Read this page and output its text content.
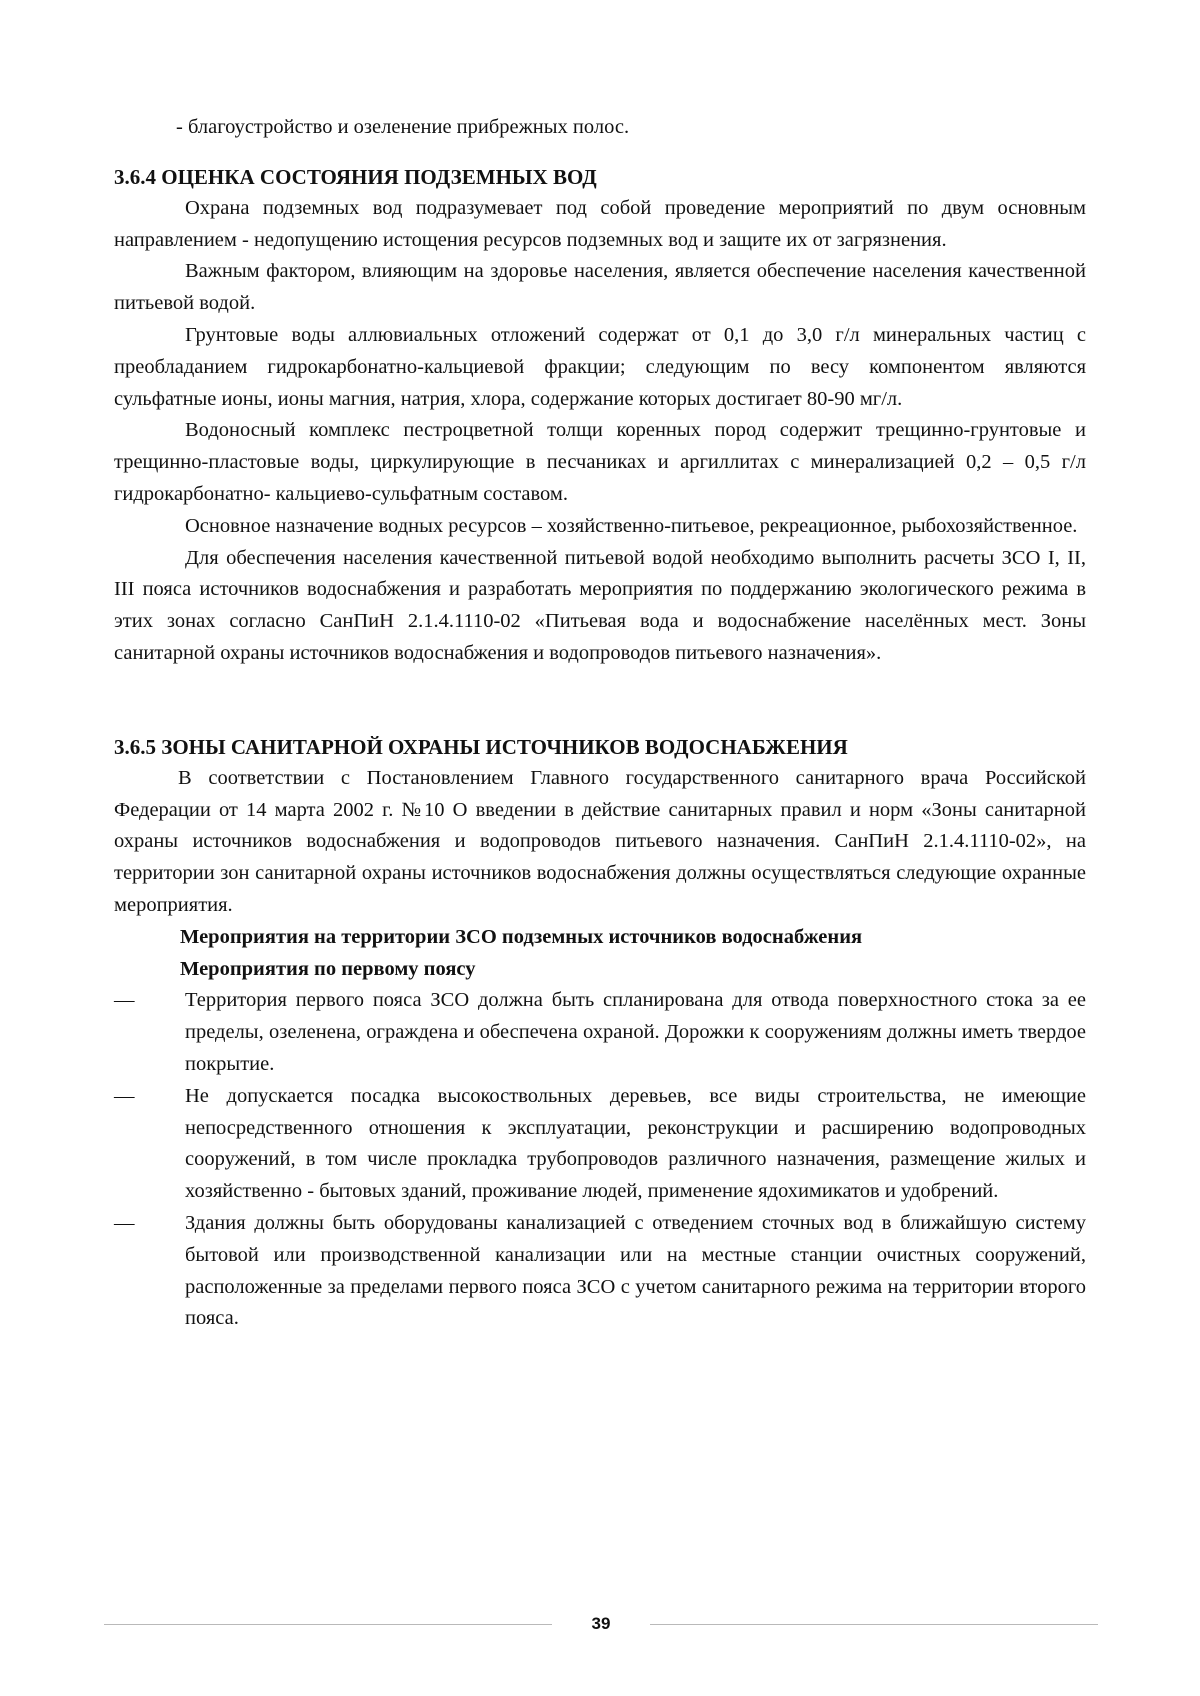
- благоустройство и озеленение прибрежных полос.

3.6.4 ОЦЕНКА СОСТОЯНИЯ ПОДЗЕМНЫХ ВОД

Охрана подземных вод подразумевает под собой проведение мероприятий по двум основным направлением - недопущению истощения ресурсов подземных вод и защите их от загрязнения.

Важным фактором, влияющим на здоровье населения, является обеспечение населения качественной питьевой водой.

Грунтовые воды аллювиальных отложений содержат от 0,1 до 3,0 г/л минеральных частиц с преобладанием гидрокарбонатно-кальциевой фракции; следующим по весу компонентом являются сульфатные ионы, ионы магния, натрия, хлора, содержание которых достигает 80-90 мг/л.

Водоносный комплекс пестроцветной толщи коренных пород содержит трещинно-грунтовые и трещинно-пластовые воды, циркулирующие в песчаниках и аргиллитах с минерализацией 0,2 – 0,5 г/л гидрокарбонатно- кальциево-сульфатным составом.

Основное назначение водных ресурсов – хозяйственно-питьевое, рекреационное, рыбохозяйственное.

Для обеспечения населения качественной питьевой водой необходимо выполнить расчеты ЗСО I, II, III пояса источников водоснабжения и разработать мероприятия по поддержанию экологического режима в этих зонах согласно СанПиН 2.1.4.1110-02 «Питьевая вода и водоснабжение населённых мест. Зоны санитарной охраны источников водоснабжения и водопроводов питьевого назначения».

3.6.5 ЗОНЫ САНИТАРНОЙ ОХРАНЫ ИСТОЧНИКОВ ВОДОСНАБЖЕНИЯ

В соответствии с Постановлением Главного государственного санитарного врача Российской Федерации от 14 марта 2002 г. №10 О введении в действие санитарных правил и норм «Зоны санитарной охраны источников водоснабжения и водопроводов питьевого назначения. СанПиН 2.1.4.1110-02», на территории зон санитарной охраны источников водоснабжения должны осуществляться следующие охранные мероприятия.

Мероприятия на территории ЗСО подземных источников водоснабжения

Мероприятия по первому поясу

—	Территория первого пояса ЗСО должна быть спланирована для отвода поверхностного стока за ее пределы, озеленена, ограждена и обеспечена охраной. Дорожки к сооружениям должны иметь твердое покрытие.
—	Не допускается посадка высокоствольных деревьев, все виды строительства, не имеющие непосредственного отношения к эксплуатации, реконструкции и расширению водопроводных сооружений, в том числе прокладка трубопроводов различного назначения, размещение жилых и хозяйственно - бытовых зданий, проживание людей, применение ядохимикатов и удобрений.
—	Здания должны быть оборудованы канализацией с отведением сточных вод в ближайшую систему бытовой или производственной канализации или на местные станции очистных сооружений, расположенные за пределами первого пояса ЗСО с учетом санитарного режима на территории второго пояса.
39
